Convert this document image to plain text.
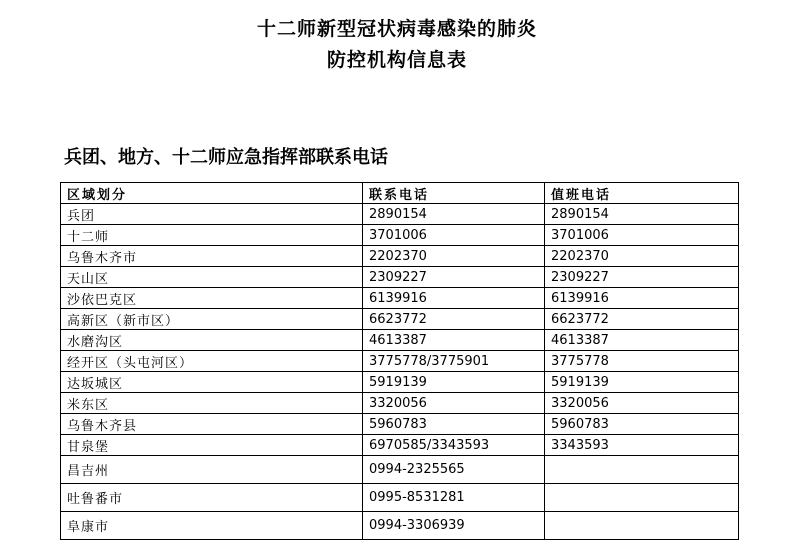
十二师新型冠状病毒感染的肺炎
防控机构信息表
兵团、地方、十二师应急指挥部联系电话
区域划分	联系电话	值班电话
兵团	2890154	2890154
十二师	3701006	3701006
乌鲁木齐市	2202370	2202370
天山区	2309227	2309227
沙依巴克区	6139916	6139916
高新区（新市区）	6623772	6623772
水磨沟区	4613387	4613387
经开区（头屯河区）	3775778/3775901	3775778
达坂城区	5919139	5919139
米东区	3320056	3320056
乌鲁木齐县	5960783	5960783
甘泉堡	6970585/3343593	3343593
昌吉州	0994-2325565	
吐鲁番市	0995-8531281	
阜康市	0994-3306939	
